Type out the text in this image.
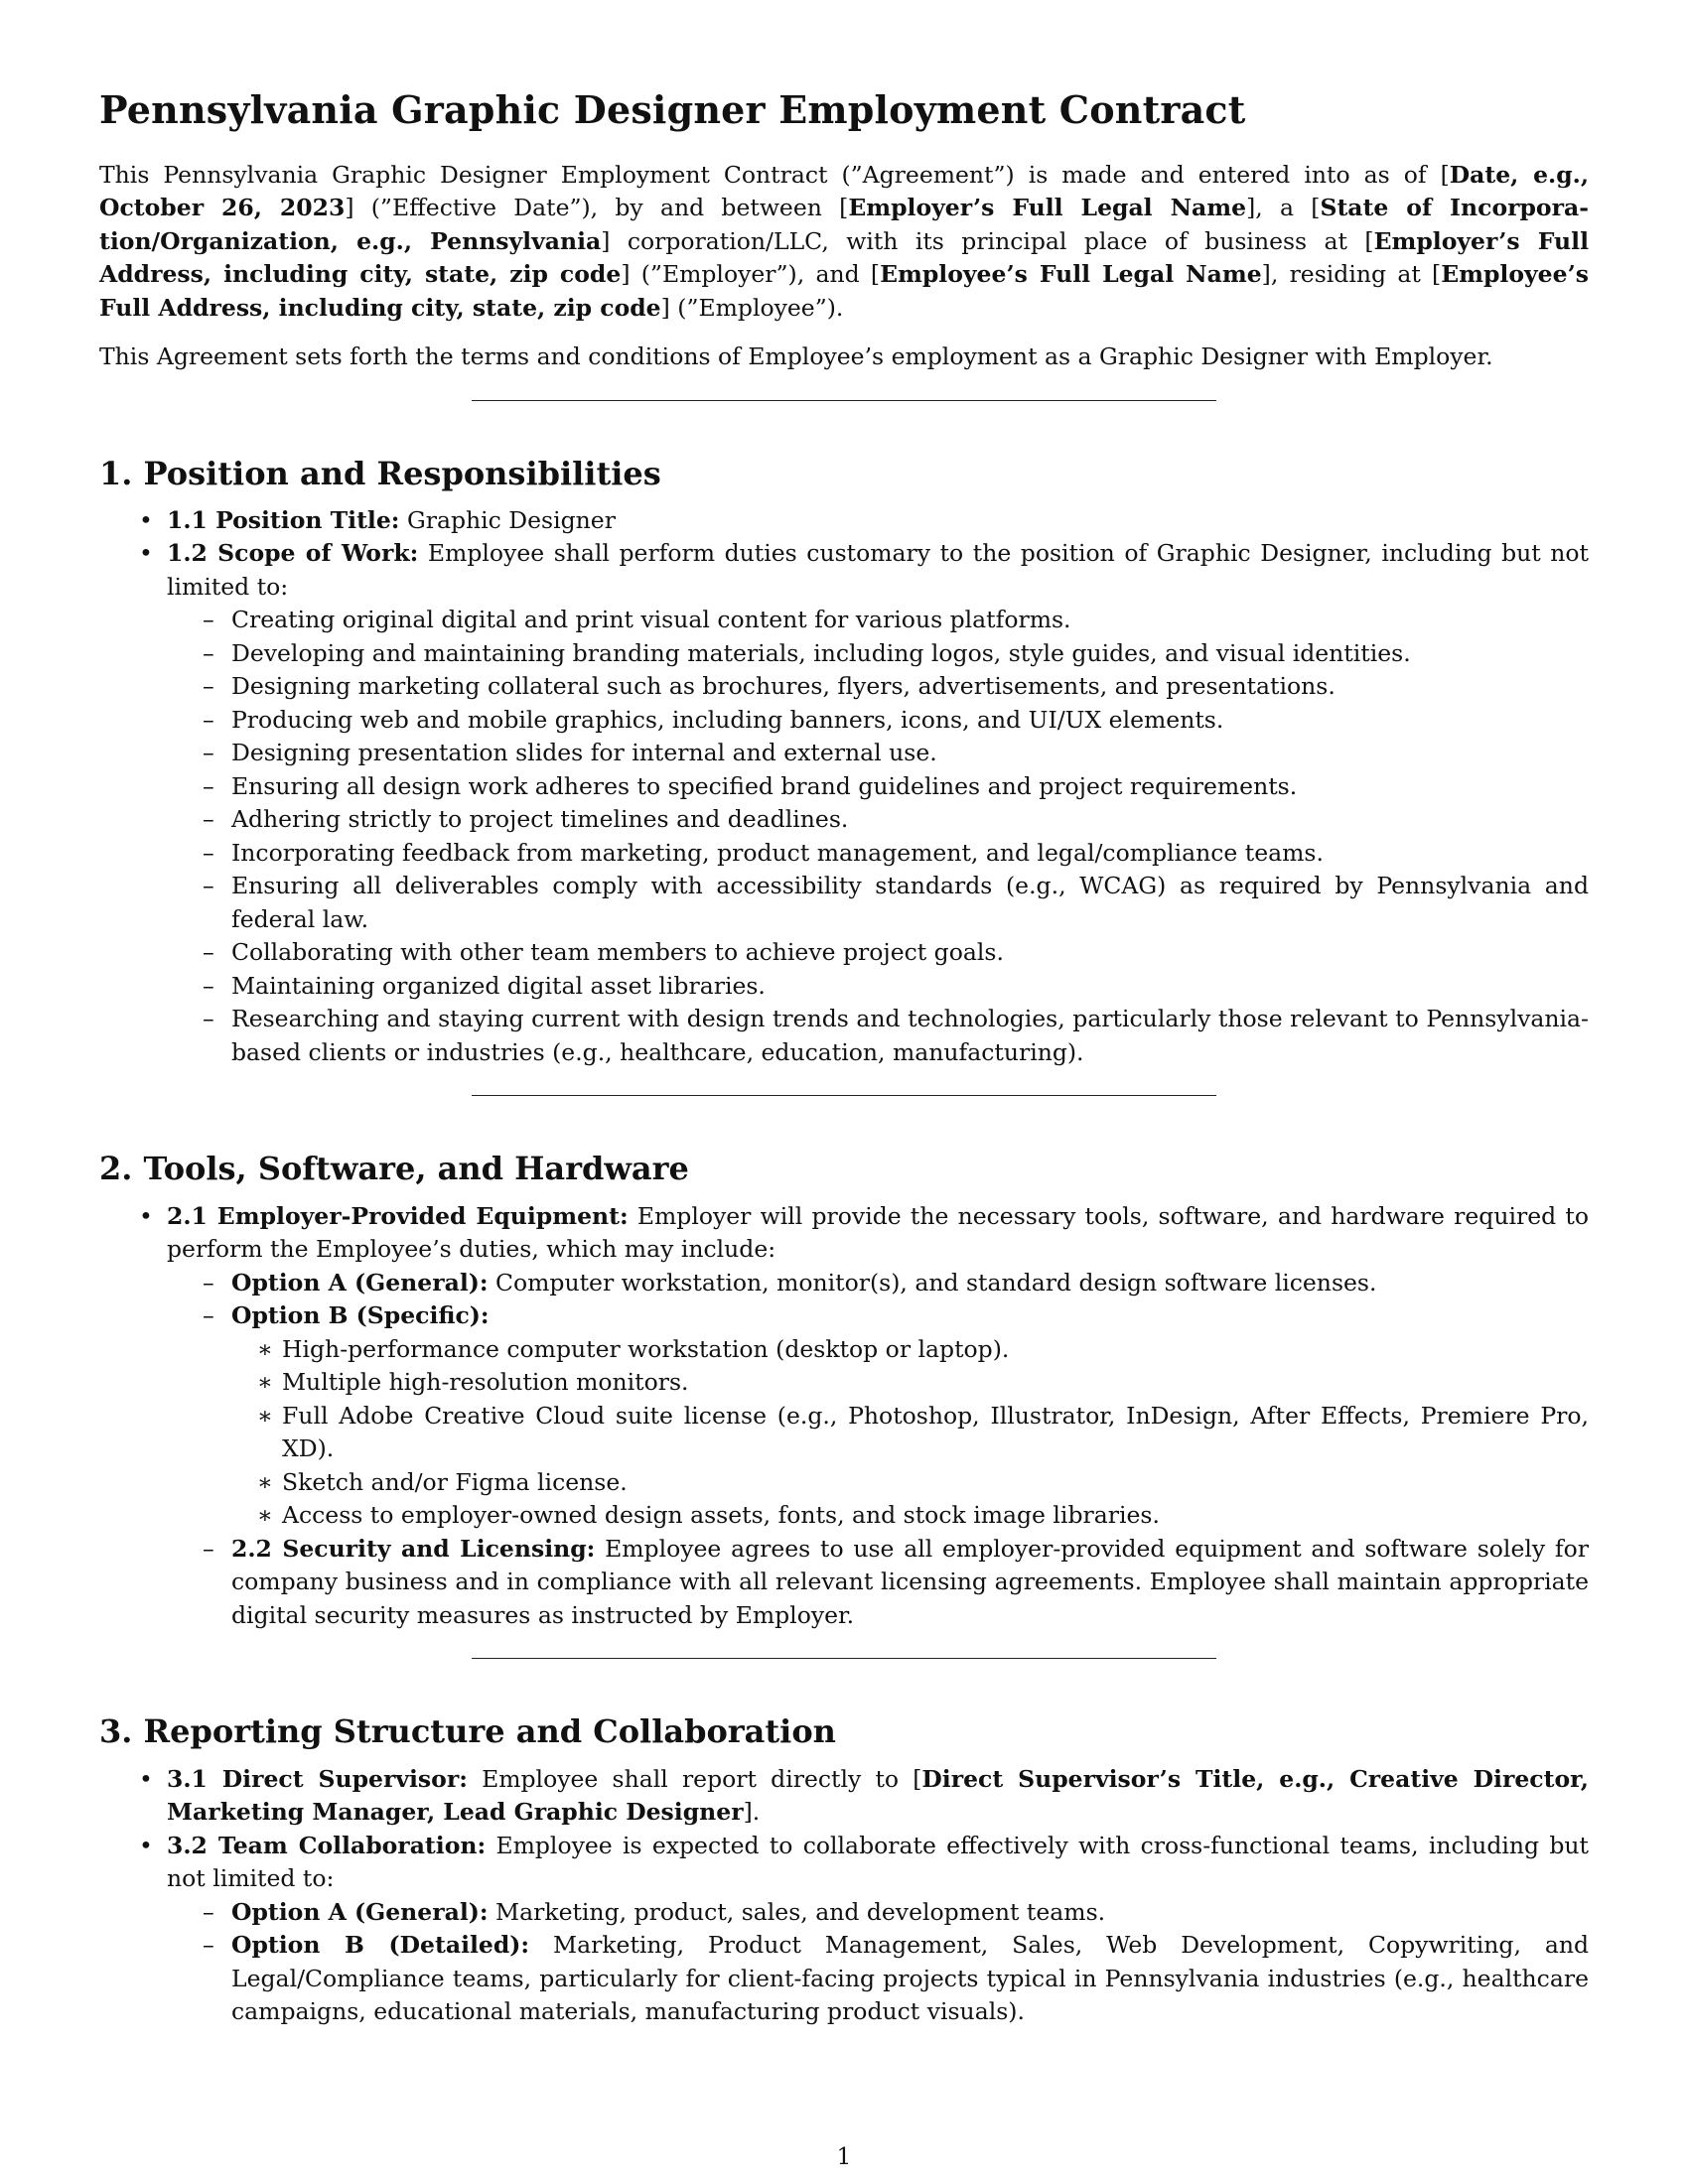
Pennsylvania Graphic Designer Employment Contract

This Pennsylvania Graphic Designer Employment Contract (”Agreement”) is made and entered into as of [Date, e.g., October 26, 2023] (”Effective Date”), by and between [Employer’s Full Legal Name], a [State of Incorporation/Organization, e.g., Pennsylvania] corporation/LLC, with its principal place of business at [Employer’s Full Address, including city, state, zip code] (”Employer”), and [Employee’s Full Legal Name], residing at [Employee’s Full Address, including city, state, zip code] (”Employee”).

This Agreement sets forth the terms and conditions of Employee’s employment as a Graphic Designer with Employer.

1. Position and Responsibilities
• 1.1 Position Title: Graphic Designer
• 1.2 Scope of Work: Employee shall perform duties customary to the position of Graphic Designer, including but not limited to:
– Creating original digital and print visual content for various platforms.
– Developing and maintaining branding materials, including logos, style guides, and visual identities.
– Designing marketing collateral such as brochures, flyers, advertisements, and presentations.
– Producing web and mobile graphics, including banners, icons, and UI/UX elements.
– Designing presentation slides for internal and external use.
– Ensuring all design work adheres to specified brand guidelines and project requirements.
– Adhering strictly to project timelines and deadlines.
– Incorporating feedback from marketing, product management, and legal/compliance teams.
– Ensuring all deliverables comply with accessibility standards (e.g., WCAG) as required by Pennsylvania and federal law.
– Collaborating with other team members to achieve project goals.
– Maintaining organized digital asset libraries.
– Researching and staying current with design trends and technologies, particularly those relevant to Pennsylvania-based clients or industries (e.g., healthcare, education, manufacturing).
2. Tools, Software, and Hardware
• 2.1 Employer-Provided Equipment: Employer will provide the necessary tools, software, and hardware required to perform the Employee’s duties, which may include:
– Option A (General): Computer workstation, monitor(s), and standard design software licenses.
– Option B (Specific):
∗ High-performance computer workstation (desktop or laptop).
∗ Multiple high-resolution monitors.
∗ Full Adobe Creative Cloud suite license (e.g., Photoshop, Illustrator, InDesign, After Effects, Premiere Pro, XD).
∗ Sketch and/or Figma license.
∗ Access to employer-owned design assets, fonts, and stock image libraries.
– 2.2 Security and Licensing: Employee agrees to use all employer-provided equipment and software solely for company business and in compliance with all relevant licensing agreements. Employee shall maintain appropriate digital security measures as instructed by Employer.
3. Reporting Structure and Collaboration
• 3.1 Direct Supervisor: Employee shall report directly to [Direct Supervisor’s Title, e.g., Creative Director, Marketing Manager, Lead Graphic Designer].
• 3.2 Team Collaboration: Employee is expected to collaborate effectively with cross-functional teams, including but not limited to:
– Option A (General): Marketing, product, sales, and development teams.
– Option B (Detailed): Marketing, Product Management, Sales, Web Development, Copywriting, and Legal/Compliance teams, particularly for client-facing projects typical in Pennsylvania industries (e.g., healthcare campaigns, educational materials, manufacturing product visuals).
1
